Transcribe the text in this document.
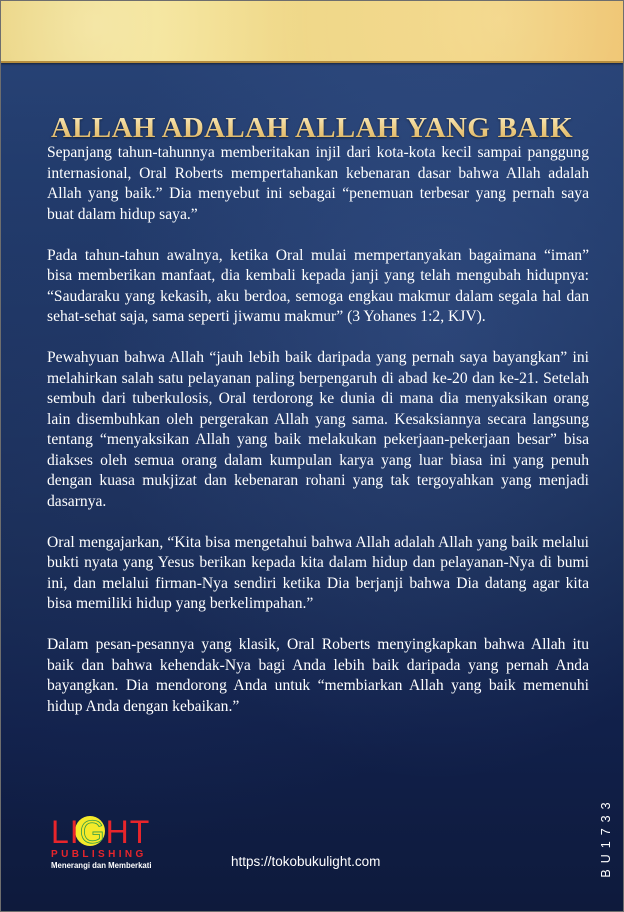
ALLAH ADALAH ALLAH YANG BAIK

Sepanjang tahun-tahunnya memberitakan injil dari kota-kota kecil sampai panggung internasional, Oral Roberts mempertahankan kebenaran dasar bahwa Allah adalah Allah yang baik.” Dia menyebut ini sebagai “penemuan terbesar yang pernah saya buat dalam hidup saya.”

Pada tahun-tahun awalnya, ketika Oral mulai mempertanyakan bagaimana “iman” bisa memberikan manfaat, dia kembali kepada janji yang telah mengubah hidupnya: “Saudaraku yang kekasih, aku berdoa, semoga engkau makmur dalam segala hal dan sehat-sehat saja, sama seperti jiwamu makmur” (3 Yohanes 1:2, KJV).

Pewahyuan bahwa Allah “jauh lebih baik daripada yang pernah saya bayangkan” ini melahirkan salah satu pelayanan paling berpengaruh di abad ke-20 dan ke-21. Setelah sembuh dari tuberkulosis, Oral terdorong ke dunia di mana dia menyaksikan orang lain disembuhkan oleh pergerakan Allah yang sama. Kesaksiannya secara langsung tentang “menyaksikan Allah yang baik melakukan pekerjaan-pekerjaan besar” bisa diakses oleh semua orang dalam kumpulan karya yang luar biasa ini yang penuh dengan kuasa mukjizat dan kebenaran rohani yang tak tergoyahkan yang menjadi dasarnya.

Oral mengajarkan, “Kita bisa mengetahui bahwa Allah adalah Allah yang baik melalui bukti nyata yang Yesus berikan kepada kita dalam hidup dan pelayanan-Nya di bumi ini, dan melalui firman-Nya sendiri ketika Dia berjanji bahwa Dia datang agar kita bisa memiliki hidup yang berkelimpahan.”

Dalam pesan-pesannya yang klasik, Oral Roberts menyingkapkan bahwa Allah itu baik dan bahwa kehendak-Nya bagi Anda lebih baik daripada yang pernah Anda bayangkan. Dia mendorong Anda untuk “membiarkan Allah yang baik memenuhi hidup Anda dengan kebaikan.”

LIGHT
PUBLISHING
Menerangi dan Memberkati	https://tokobukulight.com	BU1733
